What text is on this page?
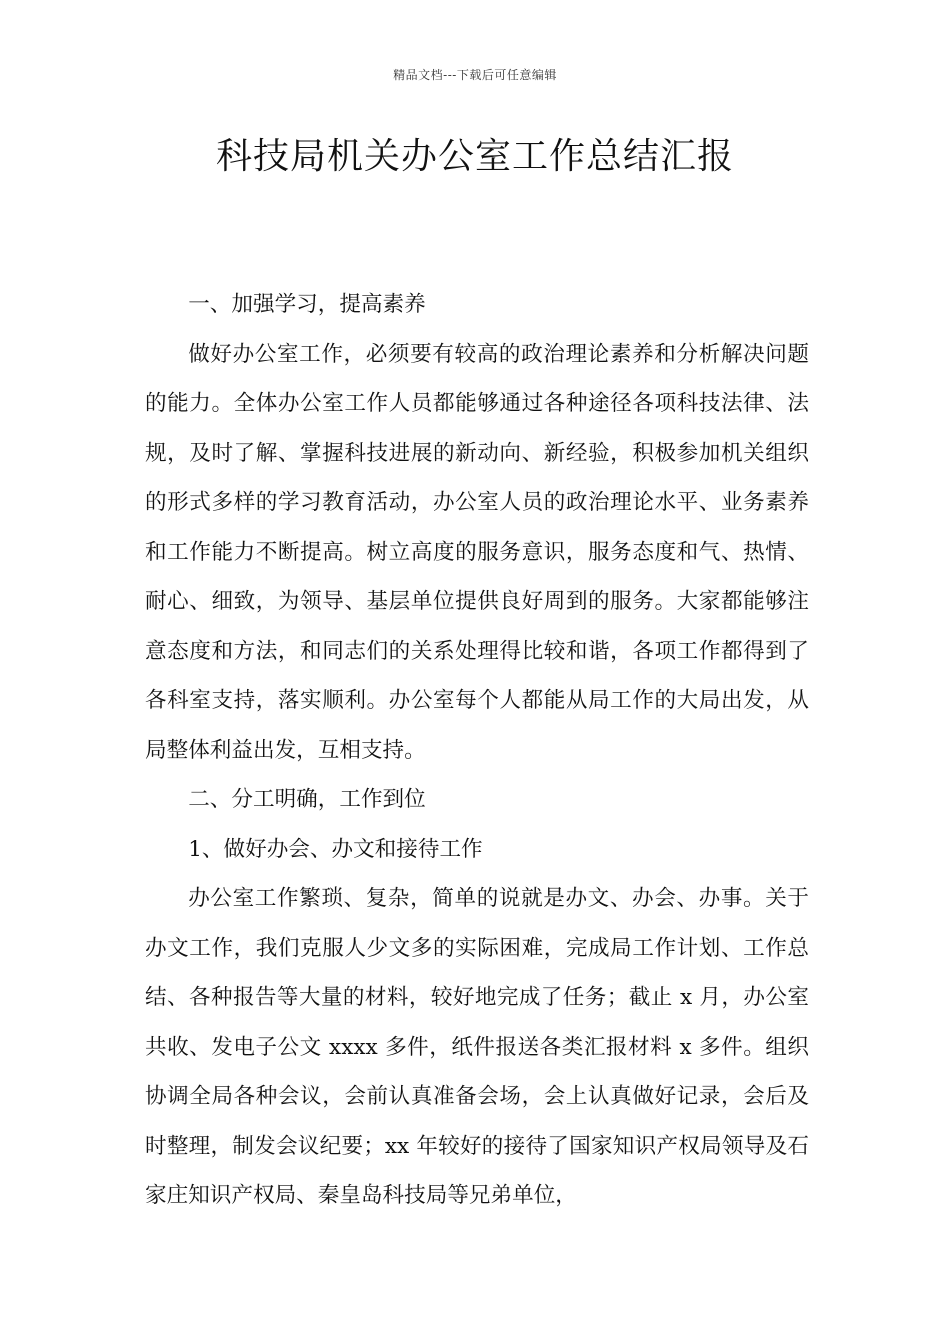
精品文档---下载后可任意编辑
科技局机关办公室工作总结汇报

一、加强学习，提高素养

做好办公室工作，必须要有较高的政治理论素养和分析解决问题的能力。全体办公室工作人员都能够通过各种途径各项科技法律、法规，及时了解、掌握科技进展的新动向、新经验，积极参加机关组织的形式多样的学习教育活动，办公室人员的政治理论水平、业务素养和工作能力不断提高。树立高度的服务意识，服务态度和气、热情、耐心、细致，为领导、基层单位提供良好周到的服务。大家都能够注意态度和方法，和同志们的关系处理得比较和谐，各项工作都得到了各科室支持，落实顺利。办公室每个人都能从局工作的大局出发，从局整体利益出发，互相支持。

二、分工明确，工作到位

1、做好办会、办文和接待工作

办公室工作繁琐、复杂，简单的说就是办文、办会、办事。关于办文工作，我们克服人少文多的实际困难，完成局工作计划、工作总结、各种报告等大量的材料，较好地完成了任务；截止 x 月，办公室共收、发电子公文 xxxx 多件，纸件报送各类汇报材料 x 多件。组织协调全局各种会议，会前认真准备会场，会上认真做好记录，会后及时整理，制发会议纪要；xx 年较好的接待了国家知识产权局领导及石家庄知识产权局、秦皇岛科技局等兄弟单位，
